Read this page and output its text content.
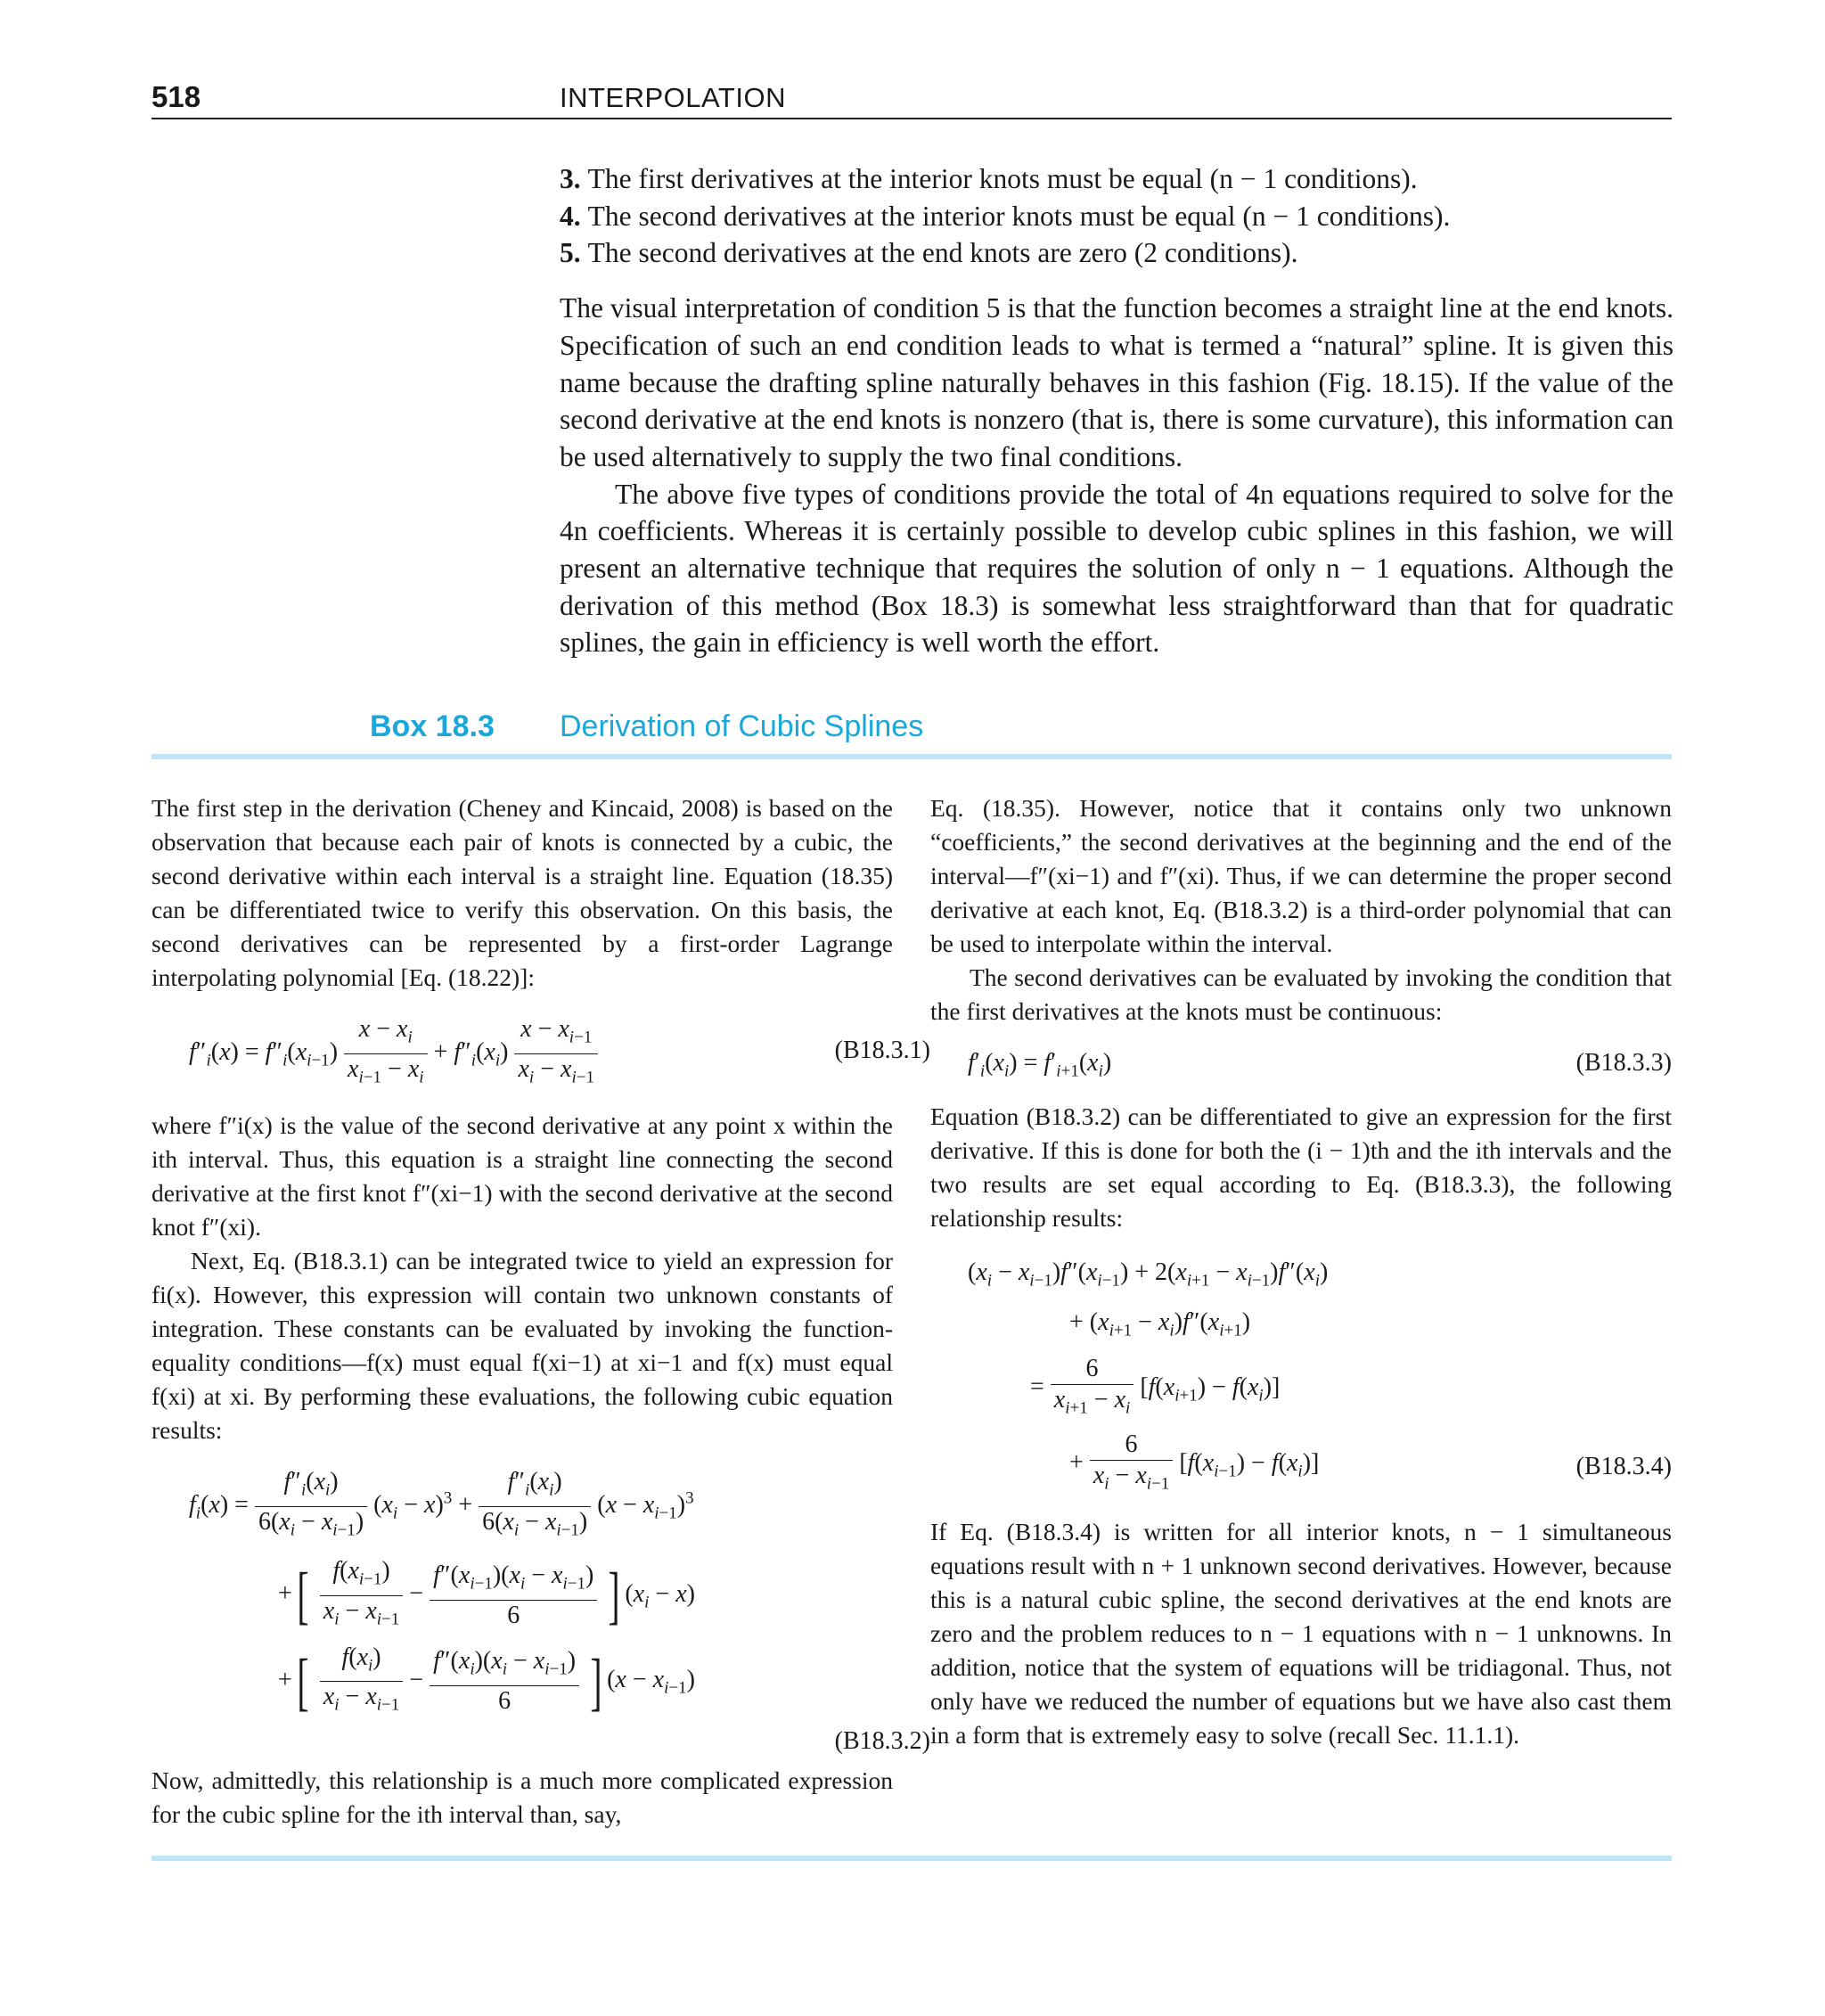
518	INTERPOLATION

3. The first derivatives at the interior knots must be equal (n − 1 conditions).

4. The second derivatives at the interior knots must be equal (n − 1 conditions).

5. The second derivatives at the end knots are zero (2 conditions).

The visual interpretation of condition 5 is that the function becomes a straight line at the end knots. Specification of such an end condition leads to what is termed a “natural” spline. It is given this name because the drafting spline naturally behaves in this fashion (Fig. 18.15). If the value of the second derivative at the end knots is nonzero (that is, there is some curvature), this information can be used alternatively to supply the two final conditions.

The above five types of conditions provide the total of 4n equations required to solve for the 4n coefficients. Whereas it is certainly possible to develop cubic splines in this fashion, we will present an alternative technique that requires the solution of only n − 1 equations. Although the derivation of this method (Box 18.3) is somewhat less straightforward than that for quadratic splines, the gain in efficiency is well worth the effort.

Box 18.3 Derivation of Cubic Splines

The first step in the derivation (Cheney and Kincaid, 2008) is based on the observation that because each pair of knots is connected by a cubic, the second derivative within each interval is a straight line. Equation (18.35) can be differentiated twice to verify this observation. On this basis, the second derivatives can be represented by a first-order Lagrange interpolating polynomial [Eq. (18.22)]:

$f''_i(x) = f''_i(x_{i-1}) \frac{x - x_i}{x_{i-1} - x_i} + f''_i(x_i) \frac{x - x_{i-1}}{x_i - x_{i-1}}$	(B18.3.1)

where f″i(x) is the value of the second derivative at any point x within the ith interval. Thus, this equation is a straight line connecting the second derivative at the first knot f″(xi−1) with the second derivative at the second knot f″(xi).

Next, Eq. (B18.3.1) can be integrated twice to yield an expression for fi(x). However, this expression will contain two unknown constants of integration. These constants can be evaluated by invoking the function-equality conditions—f(x) must equal f(xi−1) at xi−1 and f(x) must equal f(xi) at xi. By performing these evaluations, the following cubic equation results:

$f_i(x) = \frac{f''_i(x_i)}{6(x_i - x_{i-1})} (x_i - x)^3 + \frac{f''_i(x_i)}{6(x_i - x_{i-1})} (x - x_{i-1})^3$
+[ $\frac{f(x_{i-1})}{x_i - x_{i-1}} - \frac{f''(x_{i-1})(x_i - x_{i-1})}{6}$ ] $(x_i - x)$
+[ $\frac{f(x_i)}{x_i - x_{i-1}} - \frac{f''(x_i)(x_i - x_{i-1})}{6}$ ] $(x - x_{i-1})$
(B18.3.2)

Now, admittedly, this relationship is a much more complicated expression for the cubic spline for the ith interval than, say,

Eq. (18.35). However, notice that it contains only two unknown “coefficients,” the second derivatives at the beginning and the end of the interval—f″(xi−1) and f″(xi). Thus, if we can determine the proper second derivative at each knot, Eq. (B18.3.2) is a third-order polynomial that can be used to interpolate within the interval.

The second derivatives can be evaluated by invoking the condition that the first derivatives at the knots must be continuous:

$f'_i(x_i) = f'_{i+1}(x_i)$	(B18.3.3)

Equation (B18.3.2) can be differentiated to give an expression for the first derivative. If this is done for both the (i − 1)th and the ith intervals and the two results are set equal according to Eq. (B18.3.3), the following relationship results:

$(x_i - x_{i-1})f''(x_{i-1}) + 2(x_{i+1} - x_{i-1})f''(x_i)$
+ $(x_{i+1} - x_i)f''(x_{i+1})$
= $\frac{6}{x_{i+1} - x_i} [f(x_{i+1}) - f(x_i)]$
+ $\frac{6}{x_i - x_{i-1}} [f(x_{i-1}) - f(x_i)]$	(B18.3.4)

If Eq. (B18.3.4) is written for all interior knots, n − 1 simultaneous equations result with n + 1 unknown second derivatives. However, because this is a natural cubic spline, the second derivatives at the end knots are zero and the problem reduces to n − 1 equations with n − 1 unknowns. In addition, notice that the system of equations will be tridiagonal. Thus, not only have we reduced the number of equations but we have also cast them in a form that is extremely easy to solve (recall Sec. 11.1.1).
